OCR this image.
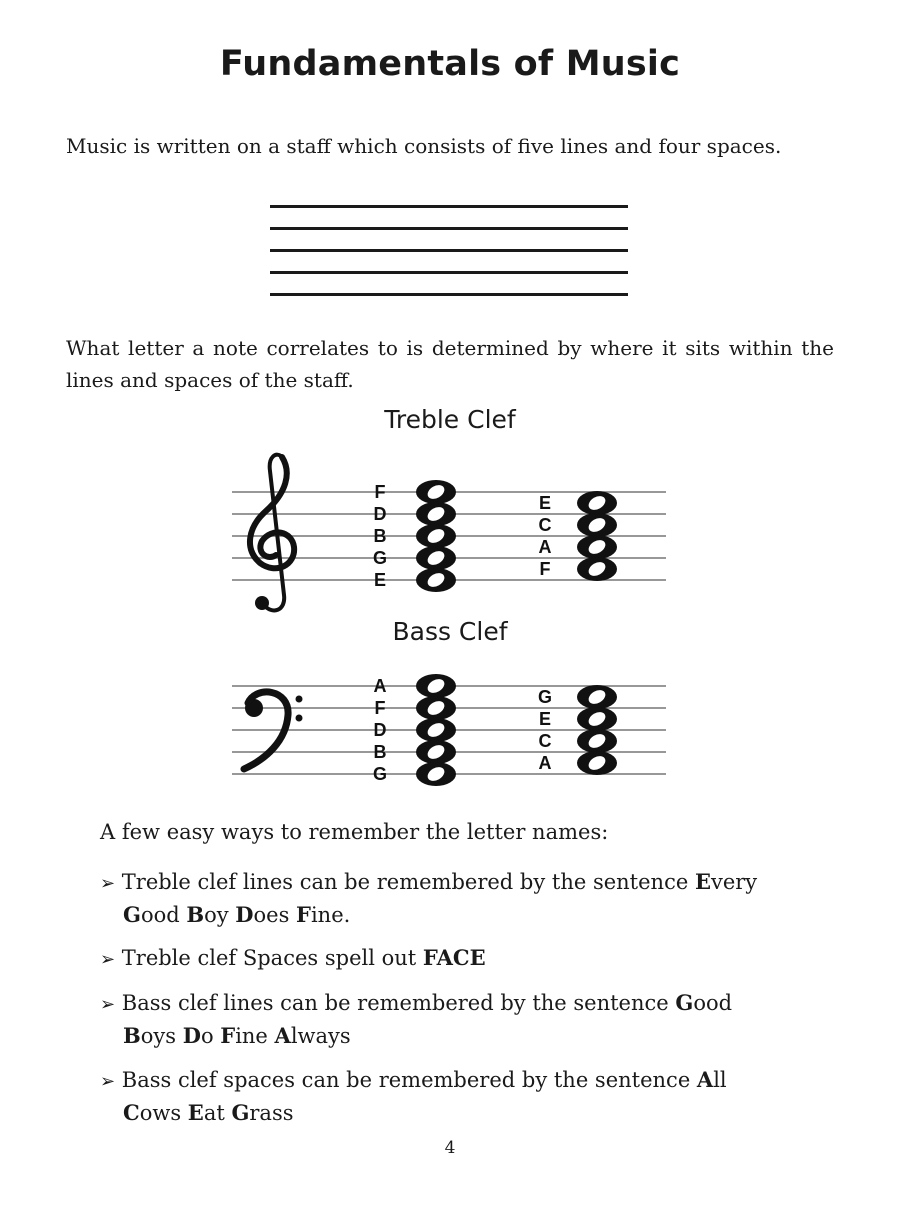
Fundamentals of Music
Music is written on a staff which consists of five lines and four spaces.
What letter a note correlates to is determined by where it sits within the lines and spaces of the staff.
Treble Clef
F
D
B
G
E
E
C
A
F
Bass Clef
A
F
D
B
G
G
E
C
A
A few easy ways to remember the letter names:
➢ Treble clef lines can be remembered by the sentence Every
Good Boy Does Fine.
➢ Treble clef Spaces spell out FACE
➢ Bass clef lines can be remembered by the sentence Good
Boys Do Fine Always
➢ Bass clef spaces can be remembered by the sentence All
Cows Eat Grass
4
